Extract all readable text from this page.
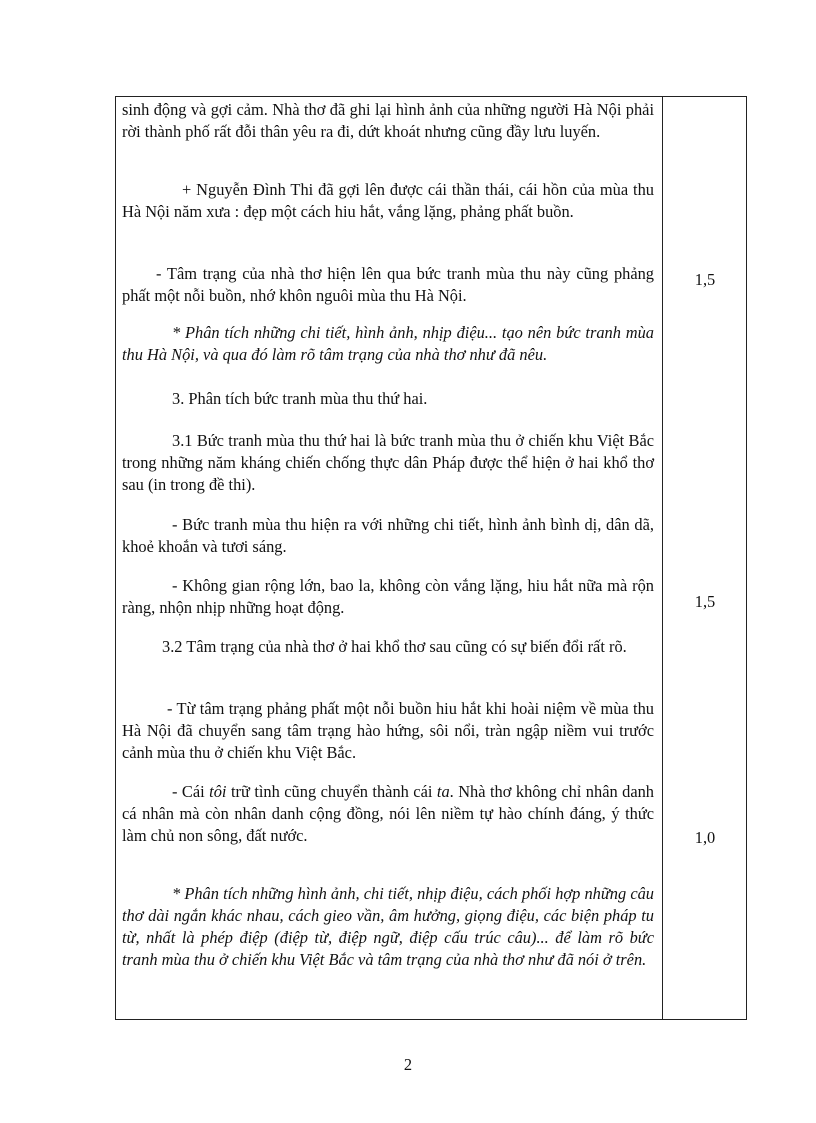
sinh động và gợi cảm. Nhà thơ đã ghi lại hình ảnh của những người Hà Nội phải rời thành phố rất đỗi thân yêu ra đi, dứt khoát nhưng cũng đầy lưu luyến.

+ Nguyễn Đình Thi đã gợi lên được cái thần thái, cái hồn của mùa thu Hà Nội năm xưa : đẹp một cách hiu hắt, vắng lặng, phảng phất buồn.

- Tâm trạng của nhà thơ hiện lên qua bức tranh mùa thu này cũng phảng phất một nỗi buồn, nhớ khôn nguôi mùa thu Hà Nội.

* Phân tích những chi tiết, hình ảnh, nhịp điệu... tạo nên bức tranh mùa thu Hà Nội, và qua đó làm rõ tâm trạng của nhà thơ như đã nêu.

3. Phân tích bức tranh mùa thu thứ hai.

3.1 Bức tranh mùa thu thứ hai là bức tranh mùa thu ở chiến khu Việt Bắc trong những năm kháng chiến chống thực dân Pháp được thể hiện ở hai khổ thơ sau (in trong đề thi).

- Bức tranh mùa thu hiện ra với những chi tiết, hình ảnh bình dị, dân dã, khoẻ khoắn và tươi sáng.

- Không gian rộng lớn, bao la, không còn vắng lặng, hiu hắt nữa mà rộn ràng, nhộn nhịp những hoạt động.

3.2 Tâm trạng của nhà thơ ở hai khổ thơ sau cũng có sự biến đổi rất rõ.

- Từ tâm trạng phảng phất một nỗi buồn hiu hắt khi hoài niệm về mùa thu Hà Nội đã chuyển sang tâm trạng hào hứng, sôi nổi, tràn ngập niềm vui trước cảnh mùa thu ở chiến khu Việt Bắc.

- Cái tôi trữ tình cũng chuyển thành cái ta. Nhà thơ không chỉ nhân danh cá nhân mà còn nhân danh cộng đồng, nói lên niềm tự hào chính đáng, ý thức làm chủ non sông, đất nước.

* Phân tích những hình ảnh, chi tiết, nhịp điệu, cách phối hợp những câu thơ dài ngắn khác nhau, cách gieo vần, âm hưởng, giọng điệu, các biện pháp tu từ, nhất là phép điệp (điệp từ, điệp ngữ, điệp cấu trúc câu)... để làm rõ bức tranh mùa thu ở chiến khu Việt Bắc và tâm trạng của nhà thơ như đã nói ở trên.

1,5
1,5
1,0
2
